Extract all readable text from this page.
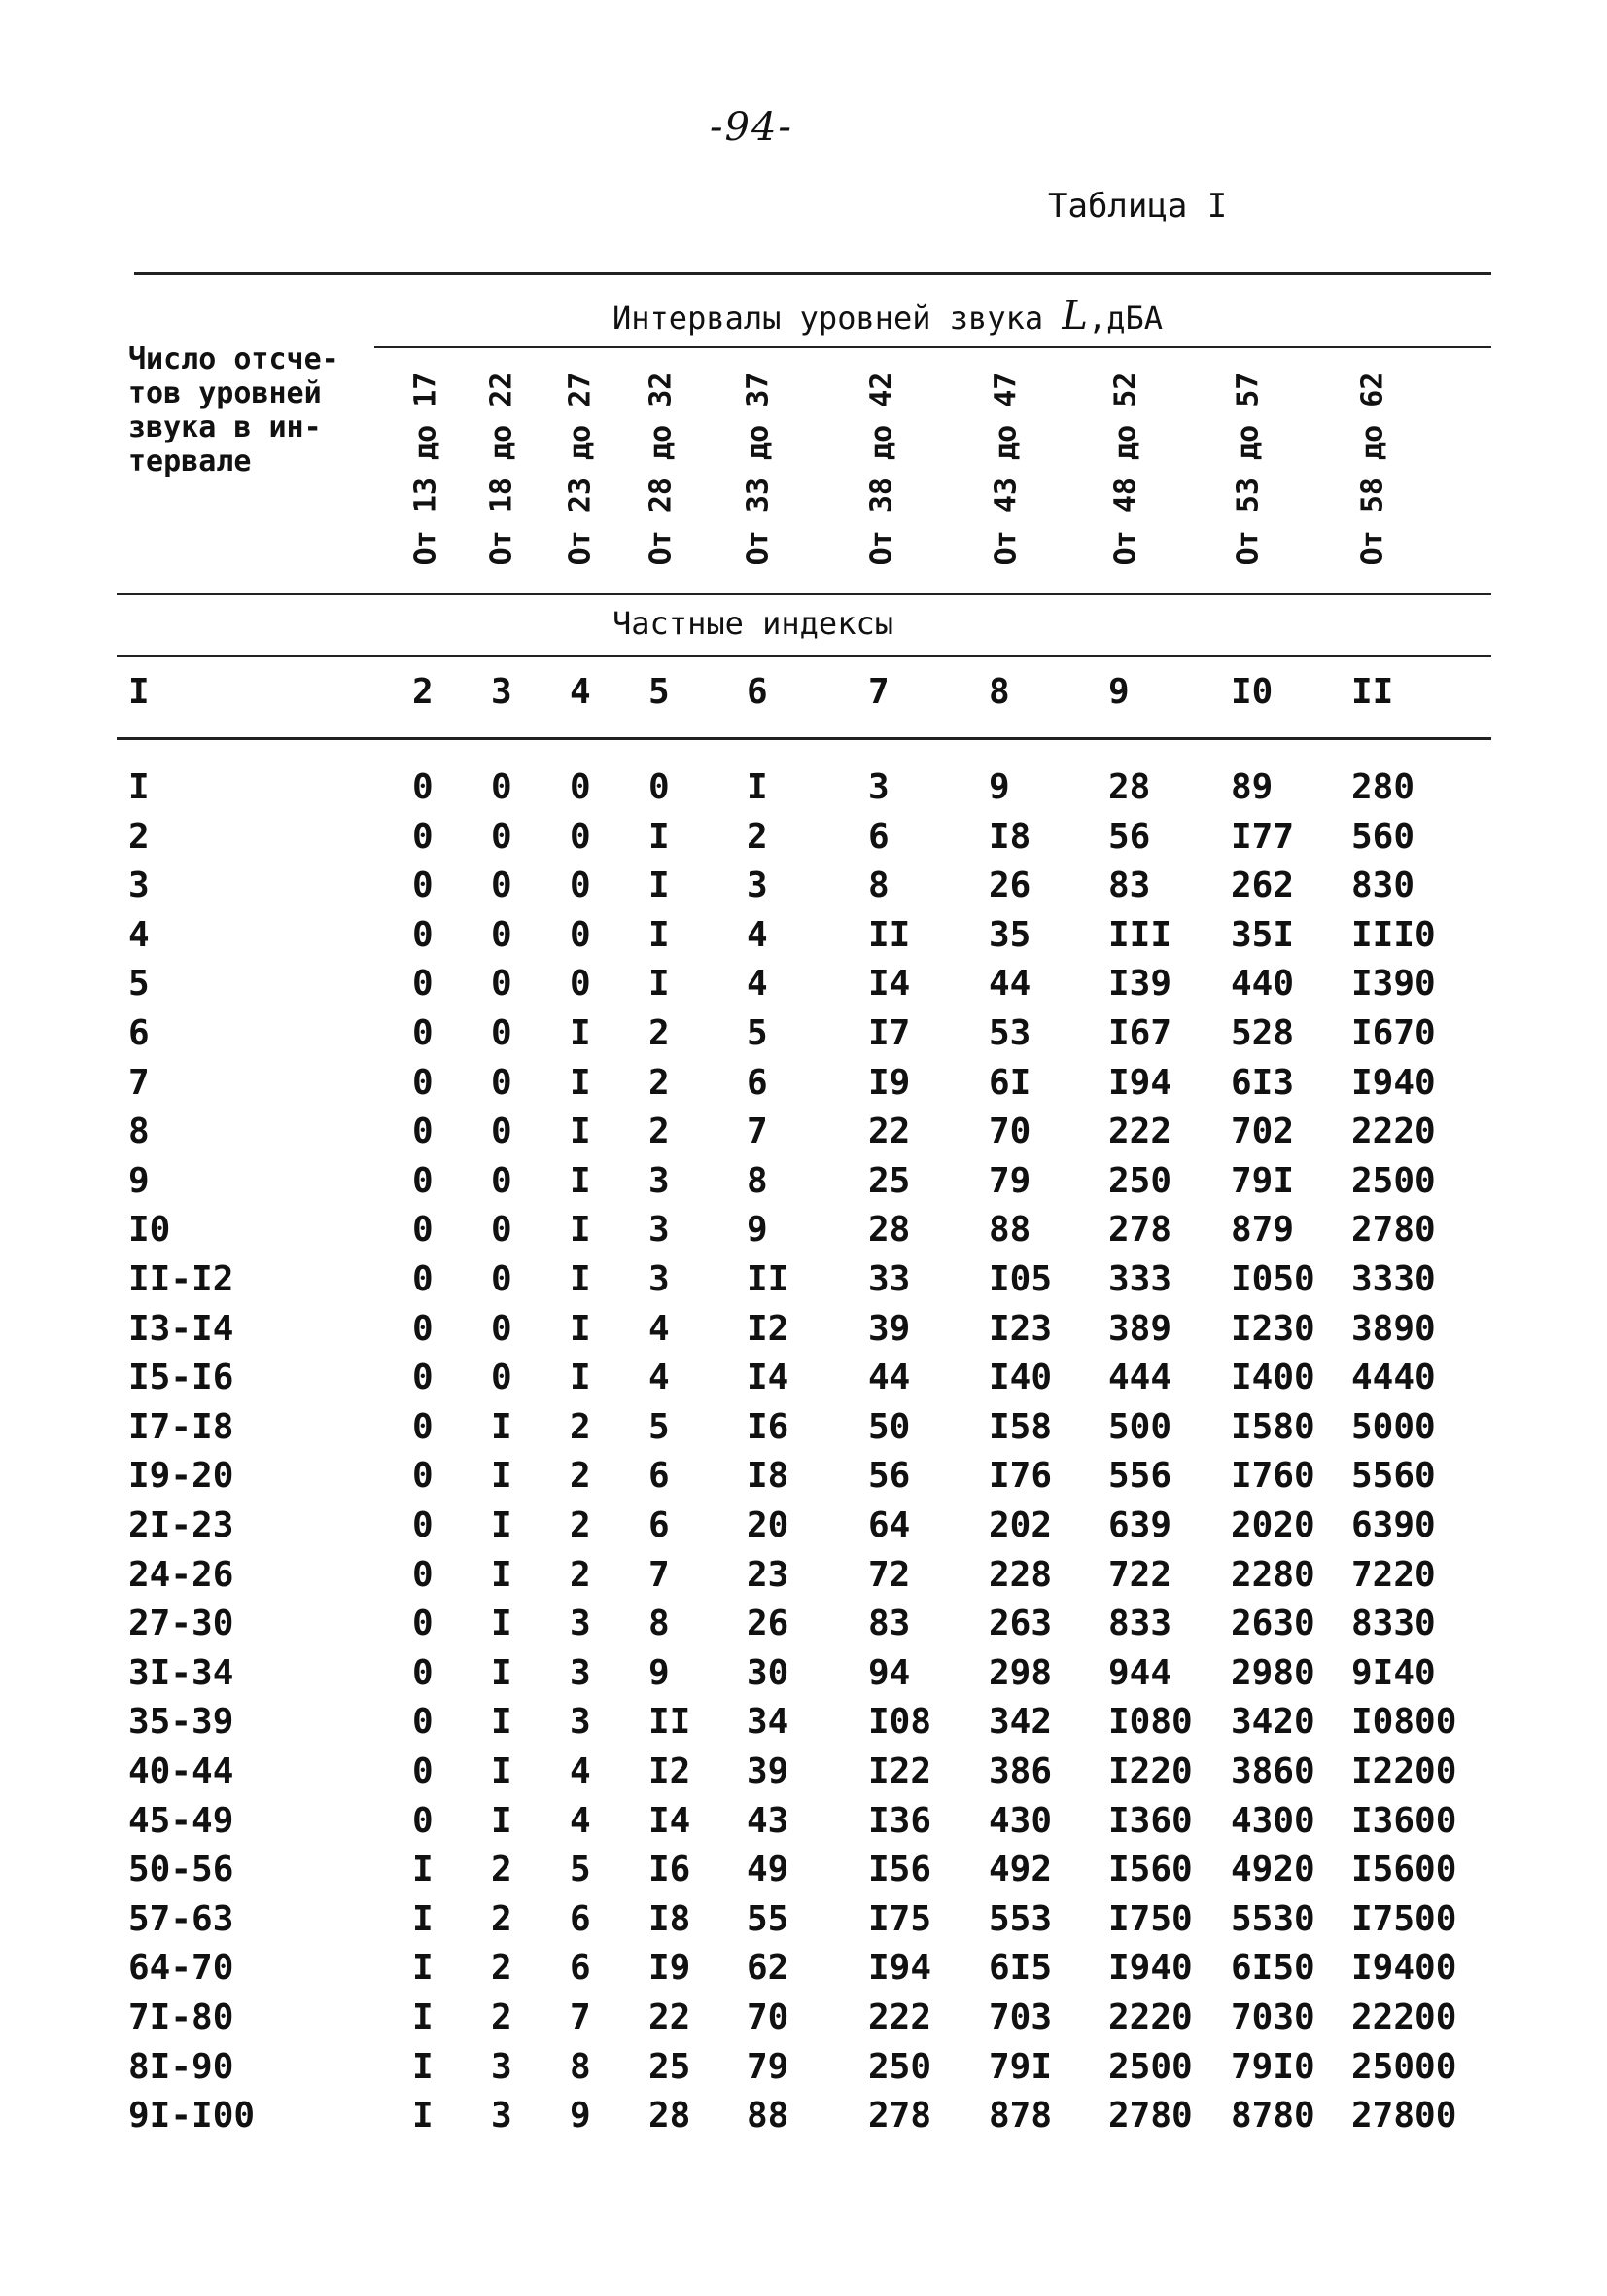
-94-
Таблица I
Интервалы уровней звука L,дБА
Число отсче-
тов уровней
звука в ин-
тервале	От 13 до 17 От 18 до 22 От 23 до 27 От 28 до 32 От 33 до 37	От 38 до 42	От 43 до 47	От 48 до 52	От 53 до 57	От 58 до 62
Частные индексы
I	2 3 4 5 6	7	8	9	I0 II
I	0 0 0 0 I	3	9	28 89 280
2	0 0 0 I 2	6	I8 56 I77 560
3	0 0 0 I 3	8	26 83 262 830
4	0 0 0 I 4	II 35 III 35I III0
5	0 0 0 I 4	I4 44 I39 440 I390
6	0 0 I 2 5	I7 53 I67 528 I670
7	0 0 I 2 6	I9 6I I94 6I3 I940
8	0 0 I 2 7	22 70 222 702 2220
9	0 0 I 3 8	25 79 250 79I 2500
I0	0 0 I 3 9	28 88 278 879 2780
II-I2	0 0 I 3 II 33 I05 333 I050 3330
I3-I4	0 0 I 4 I2 39 I23 389 I230 3890
I5-I6	0 0 I 4 I4 44 I40 444 I400 4440
I7-I8	0 I 2 5 I6 50 I58 500 I580 5000
I9-20	0 I 2 6 I8 56 I76 556 I760 5560
2I-23	0 I 2 6 20 64 202 639 2020 6390
24-26	0 I 2 7 23 72 228 722 2280 7220
27-30	0 I 3 8 26 83 263 833 2630 8330
3I-34	0 I 3 9 30 94 298 944 2980 9I40
35-39	0 I 3 II 34 I08 342 I080 3420 I0800
40-44	0 I 4 I2 39 I22 386 I220 3860 I2200
45-49	0 I 4 I4 43 I36 430 I360 4300 I3600
50-56	I 2 5 I6 49 I56 492 I560 4920 I5600
57-63	I 2 6 I8 55 I75 553 I750 5530 I7500
64-70	I 2 6 I9 62 I94 6I5 I940 6I50 I9400
7I-80	I 2 7 22 70 222 703 2220 7030 22200
8I-90	I 3 8 25 79 250 79I 2500 79I0 25000
9I-I00	I 3 9 28 88 278 878 2780 8780 27800
